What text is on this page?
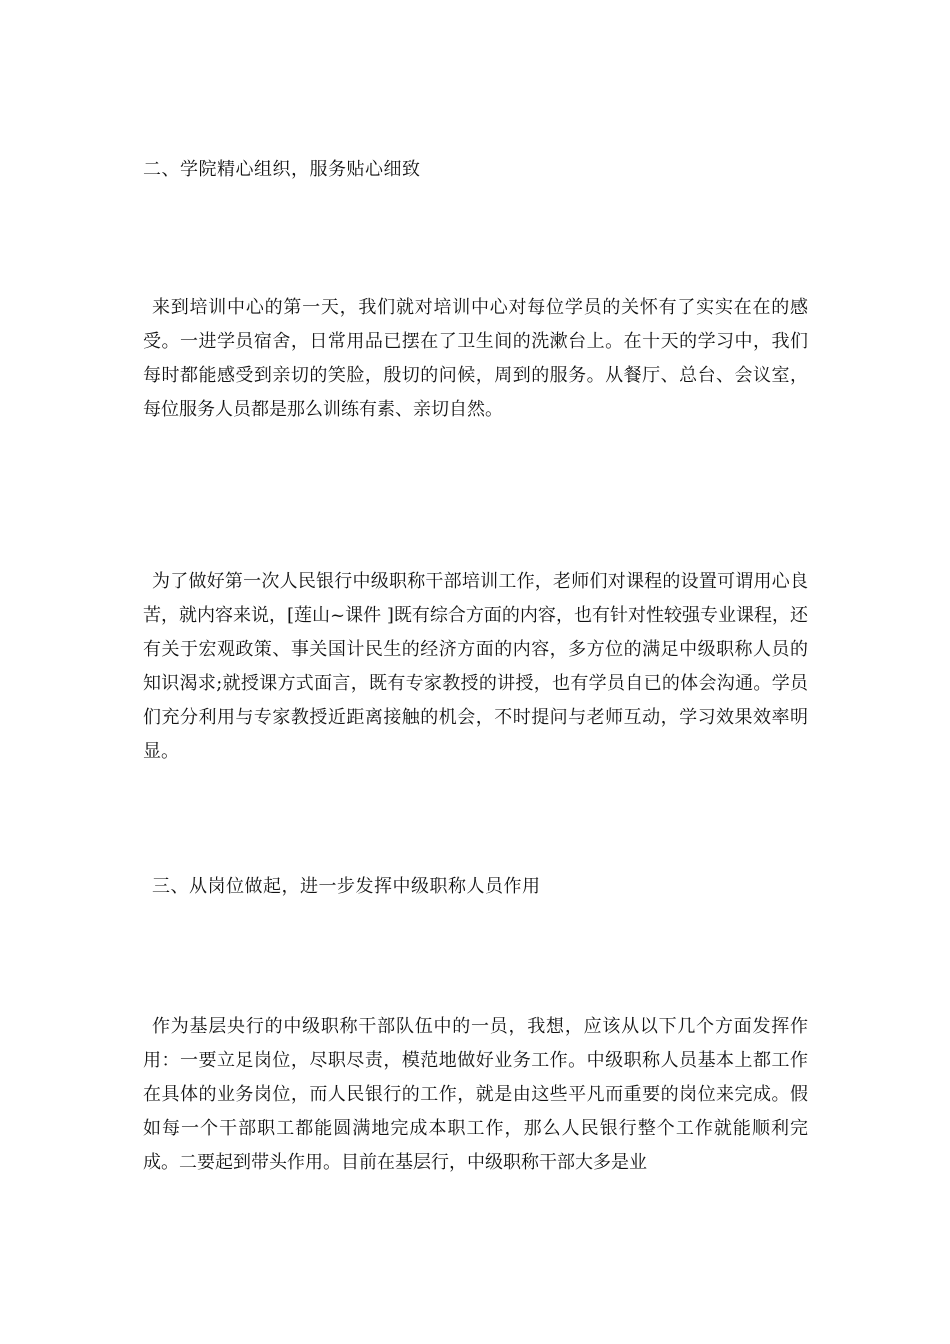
二、学院精心组织，服务贴心细致

来到培训中心的第一天，我们就对培训中心对每位学员的关怀有了实实在在的感受。一进学员宿舍，日常用品已摆在了卫生间的洗漱台上。在十天的学习中，我们每时都能感受到亲切的笑脸，殷切的问候，周到的服务。从餐厅、总台、会议室，每位服务人员都是那么训练有素、亲切自然。

为了做好第一次人民银行中级职称干部培训工作，老师们对课程的设置可谓用心良苦，就内容来说，[莲山~课件 ]既有综合方面的内容，也有针对性较强专业课程，还有关于宏观政策、事关国计民生的经济方面的内容，多方位的满足中级职称人员的知识渴求;就授课方式面言，既有专家教授的讲授，也有学员自已的体会沟通。学员们充分利用与专家教授近距离接触的机会，不时提问与老师互动，学习效果效率明显。

三、从岗位做起，进一步发挥中级职称人员作用

作为基层央行的中级职称干部队伍中的一员，我想，应该从以下几个方面发挥作用：一要立足岗位，尽职尽责，模范地做好业务工作。中级职称人员基本上都工作在具体的业务岗位，而人民银行的工作，就是由这些平凡而重要的岗位来完成。假如每一个干部职工都能圆满地完成本职工作，那么人民银行整个工作就能顺利完成。二要起到带头作用。目前在基层行，中级职称干部大多是业
